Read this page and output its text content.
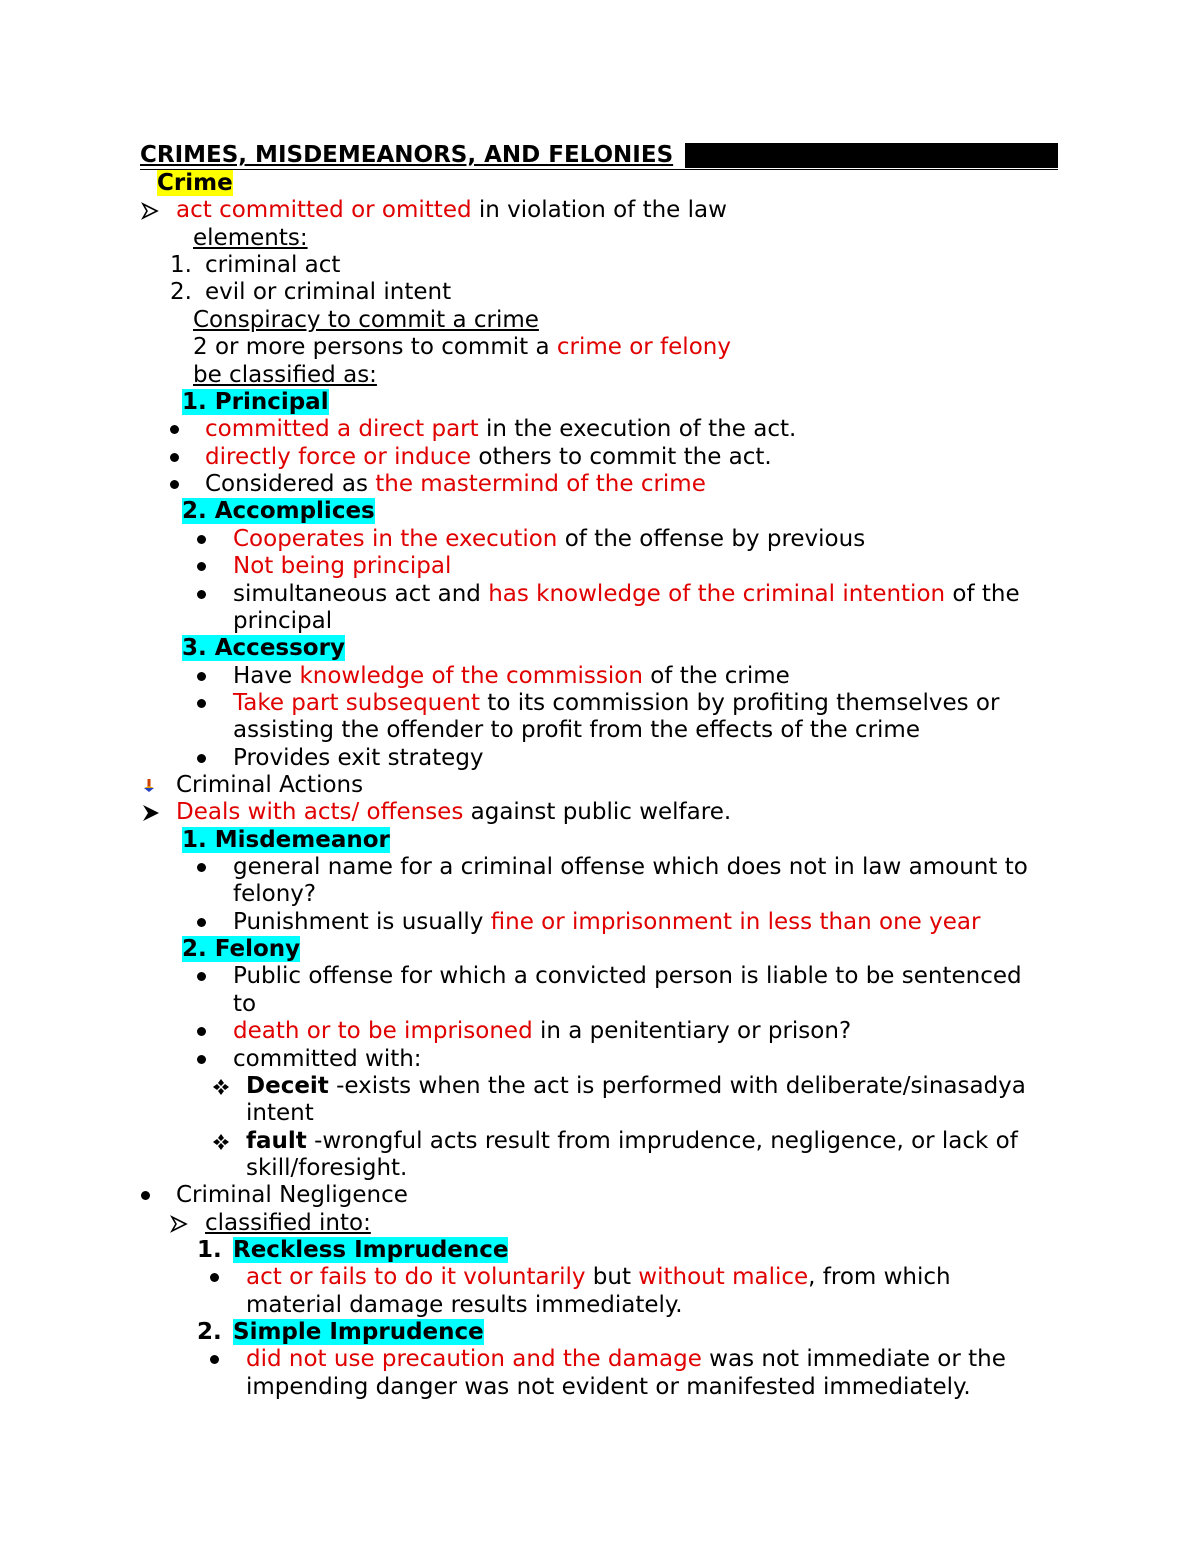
CRIMES, MISDEMEANORS, AND FELONIES
Crime
act committed or omitted in violation of the law
elements:
1. criminal act
2. evil or criminal intent
Conspiracy to commit a crime
2 or more persons to commit a crime or felony
be classified as:
1. Principal
committed a direct part in the execution of the act.
directly force or induce others to commit the act.
Considered as the mastermind of the crime
2. Accomplices
Cooperates in the execution of the offense by previous
Not being principal
simultaneous act and has knowledge of the criminal intention of the
principal
3. Accessory
Have knowledge of the commission of the crime
Take part subsequent to its commission by profiting themselves or
assisting the offender to profit from the effects of the crime
Provides exit strategy
Criminal Actions
Deals with acts/ offenses against public welfare.
1. Misdemeanor
general name for a criminal offense which does not in law amount to
felony?
Punishment is usually fine or imprisonment in less than one year
2. Felony
Public offense for which a convicted person is liable to be sentenced
to
death or to be imprisoned in a penitentiary or prison?
committed with:
Deceit -exists when the act is performed with deliberate/sinasadya
intent
fault -wrongful acts result from imprudence, negligence, or lack of
skill/foresight.
Criminal Negligence
classified into:
1. Reckless Imprudence
act or fails to do it voluntarily but without malice, from which
material damage results immediately.
2. Simple Imprudence
did not use precaution and the damage was not immediate or the
impending danger was not evident or manifested immediately.
